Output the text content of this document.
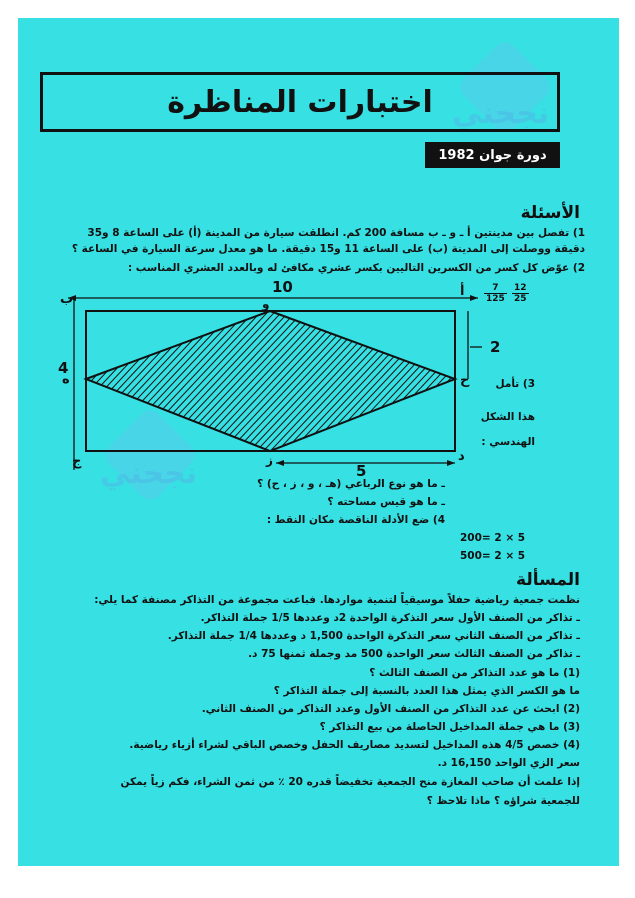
نجحني
نجحني
اختبارات المناظرة
دورة جوان 1982
الأسئلة
1) تفصل بين مدينتين أ ـ و ـ ب مسافة 200 كم. انطلقت سيارة من المدينة (أ) على الساعة 8 و35
دقيقة ووصلت إلى المدينة (ب) على الساعة 11 و15 دقيقة. ما هو معدل سرعة السيارة في الساعة ؟
2) عوّض كل كسر من الكسرين التاليين بكسر عشري مكافئ له وبالعدد العشري المناسب :
$\frac{12}{25}$
$\frac{7}{125}$
10
4
2
5
ب
أ
ج	د
ه	ح
ز
و
3) تأمل
هذا الشكل
الهندسي :
ـ ما هو نوع الرباعي (هـ ، و ، ز ، ح) ؟
ـ ما هو قيس مساحته ؟
4) ضع الأدلة الناقصة مكان النقط :
200= 2 × 5
500= 2 × 5
المسألة
نظمت جمعية رياضية حفلاً موسيقياً لتنمية مواردها. فباعت مجموعة من التذاكر مصنفة كما يلي:
ـ تذاكر من الصنف الأول سعر التذكرة الواحدة 2د وعددها 1/5 جملة التذاكر.
ـ تذاكر من الصنف الثاني سعر التذكرة الواحدة 1,500 د وعددها 1/4 جملة التذاكر.
ـ تذاكر من الصنف الثالث سعر الواحدة 500 مد وجملة ثمنها 75 د.
(1) ما هو عدد التذاكر من الصنف الثالث ؟
ما هو الكسر الذي يمثل هذا العدد بالنسبة إلى جملة التذاكر ؟
(2) ابحث عن عدد التذاكر من الصنف الأول وعدد التذاكر من الصنف الثاني.
(3) ما هي جملة المداخيل الحاصلة من بيع التذاكر ؟
(4) خصص 4/5 هذه المداخيل لتسديد مصاريف الحفل وخصص الباقي لشراء أزياء رياضية.
سعر الزي الواحد 16,150 د.
إذا علمت أن صاحب المغازة منح الجمعية تخفيضاً قدره 20 ٪ من ثمن الشراء، فكم زياً يمكن
للجمعية شراؤه ؟ ماذا تلاحظ ؟
